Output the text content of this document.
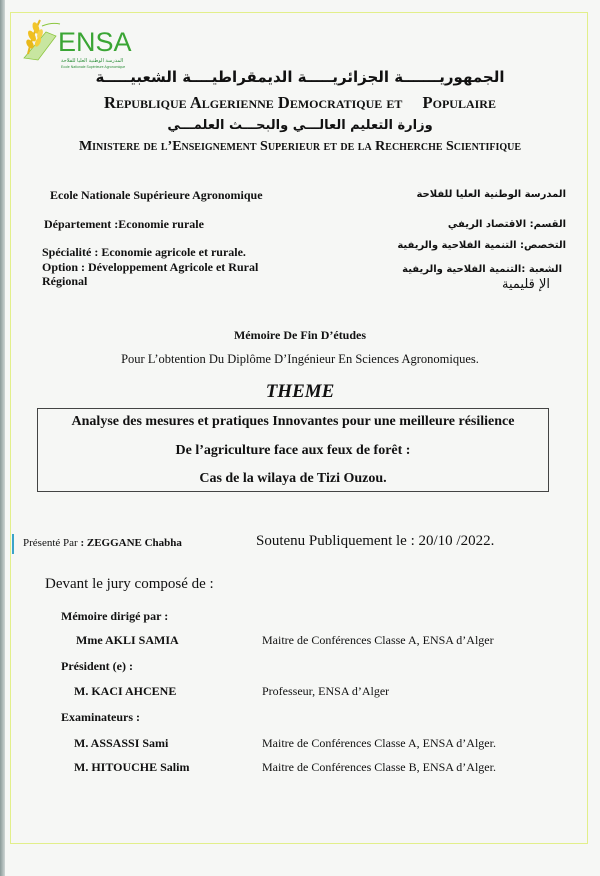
ENSA
المدرسة الوطنية العليا للفلاحة
Ecole Nationale Supérieure Agronomique
الجمهوريـــــــة الجزائريـــــة الديمقراطيــــة الشعبيـــــة
Republique Algerienne Democratique et Populaire
وزارة التعليم العالـــي والبحـــث العلمـــي
Ministere de l’Enseignement Superieur et de la Recherche Scientifique
Ecole Nationale Supérieure Agronomique
Département :Economie rurale
Spécialité : Economie agricole et rurale.
Option : Développement Agricole et Rural
Régional
المدرسة الوطنية العليا للفلاحة
القسم: الاقتصاد الريفي
التخصص: التنمية الفلاحية والريفية
الشعبة :التنمية الفلاحية والريفية
الإ قليمية
Mémoire De Fin D’études
Pour L’obtention Du Diplôme D’Ingénieur En Sciences Agronomiques.
THEME
Analyse des mesures et pratiques Innovantes pour une meilleure résilience
De l’agriculture face aux feux de forêt :
Cas de la wilaya de Tizi Ouzou.
Présenté Par : ZEGGANE Chabha	Soutenu Publiquement le : 20/10 /2022.
Devant le jury composé de :
Mémoire dirigé par :
Mme AKLI SAMIA	Maitre de Conférences Classe A, ENSA d’Alger
Président (e) :
M. KACI AHCENE	Professeur, ENSA d’Alger
Examinateurs :
M. ASSASSI Sami	Maitre de Conférences Classe A, ENSA d’Alger.
M. HITOUCHE Salim	Maitre de Conférences Classe B, ENSA d’Alger.
